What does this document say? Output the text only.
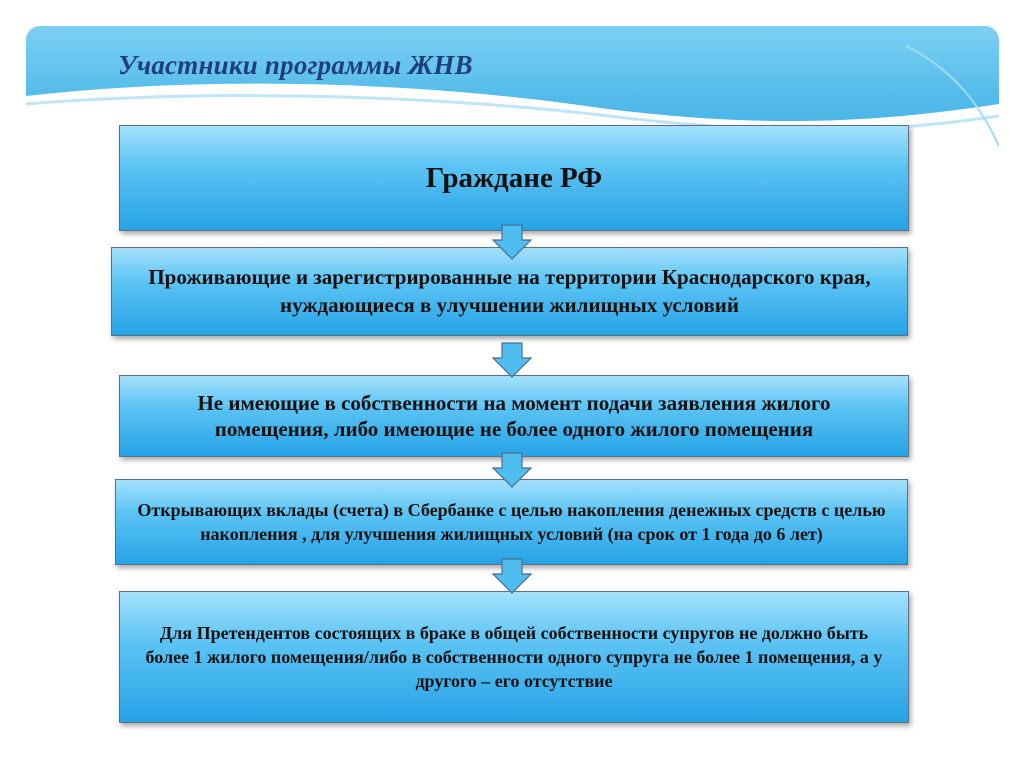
Участники программы ЖНВ
Граждане РФ
Проживающие и зарегистрированные на территории Краснодарского края, нуждающиеся в улучшении жилищных условий
Не имеющие в собственности на момент подачи заявления жилого помещения, либо имеющие не более одного жилого помещения
Открывающих вклады (счета) в Сбербанке с целью накопления денежных средств с целью накопления , для улучшения жилищных условий (на срок от 1 года до 6 лет)
Для Претендентов состоящих в браке в общей собственности супругов не должно быть более 1 жилого помещения/либо в собственности одного супруга не более 1 помещения, а у другого – его отсутствие
